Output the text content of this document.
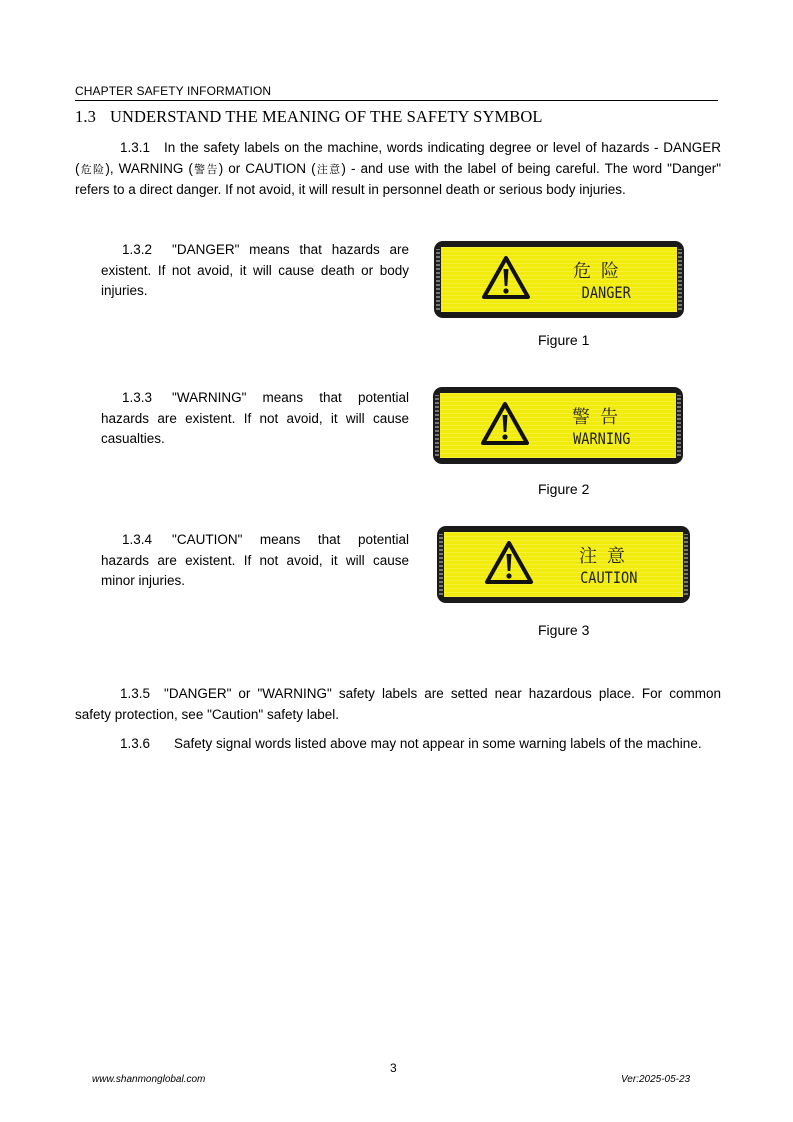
CHAPTER SAFETY INFORMATION
1.3 UNDERSTAND THE MEANING OF THE SAFETY SYMBOL
1.3.1 In the safety labels on the machine, words indicating degree or level of hazards - DANGER (危险), WARNING (警告) or CAUTION (注意) - and use with the label of being careful. The word "Danger" refers to a direct danger. If not avoid, it will result in personnel death or serious body injuries.
1.3.2 "DANGER" means that hazards are existent. If not avoid, it will cause death or body injuries.
危险
DANGER
Figure 1
1.3.3 "WARNING" means that potential hazards are existent. If not avoid, it will cause casualties.
警告
WARNING
Figure 2
1.3.4 "CAUTION" means that potential hazards are existent. If not avoid, it will cause minor injuries.
注意
CAUTION
Figure 3
1.3.5 "DANGER" or "WARNING" safety labels are setted near hazardous place. For common safety protection, see "Caution" safety label.
1.3.6 Safety signal words listed above may not appear in some warning labels of the machine.
3
www.shanmonglobal.com	Ver:2025-05-23
